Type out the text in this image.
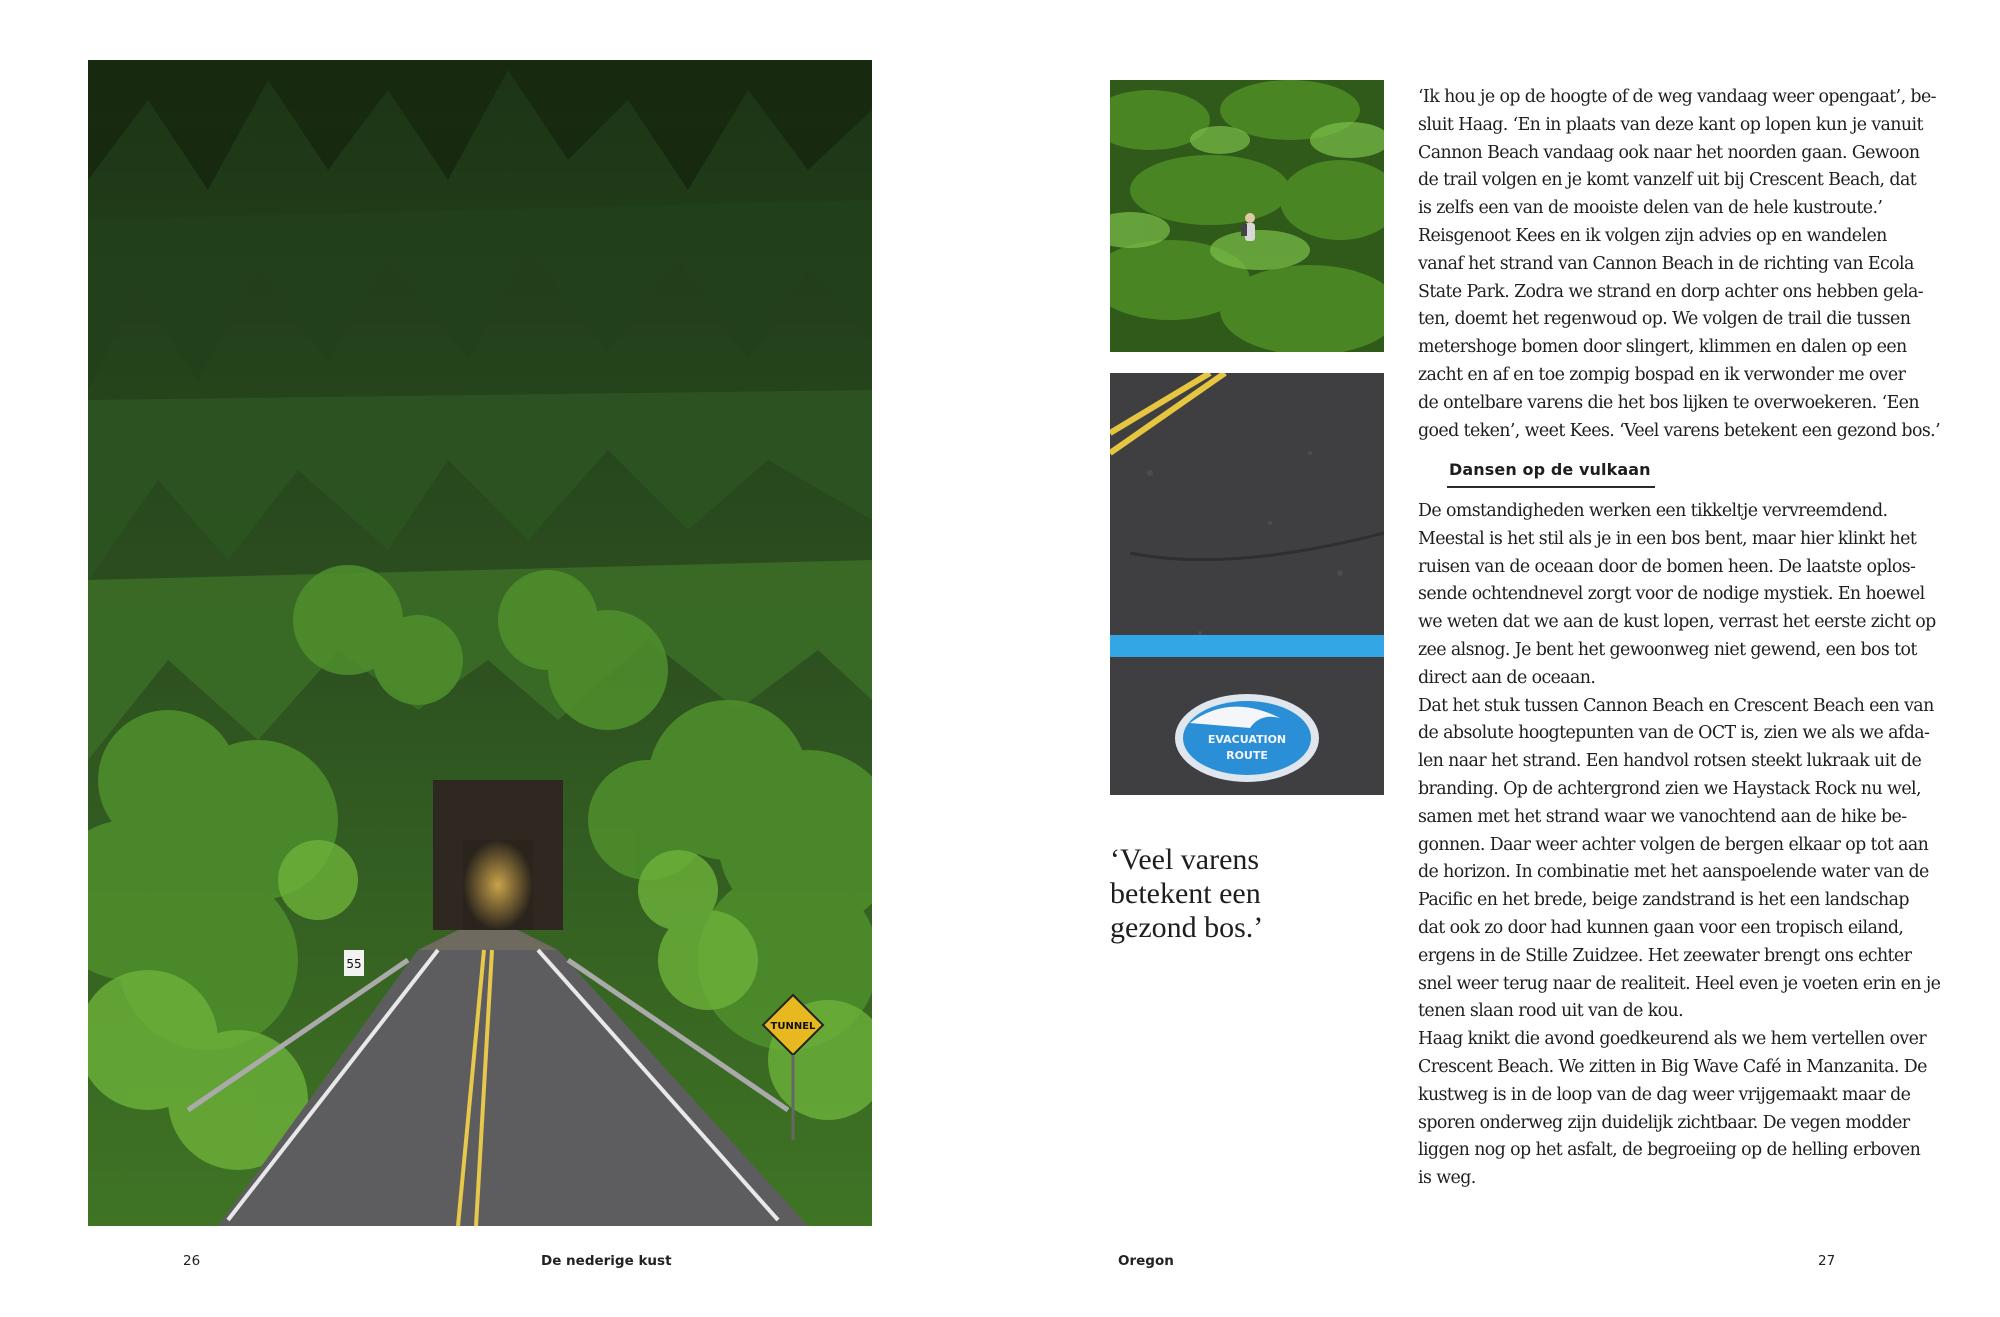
55
TUNNEL
26	De nederige kust
TSUNAMI
EVACUATION
ROUTE

‘Veel varens
betekent een
gezond bos.’

‘Ik hou je op de hoogte of de weg vandaag weer opengaat’, be-
sluit Haag. ‘En in plaats van deze kant op lopen kun je vanuit
Cannon Beach vandaag ook naar het noorden gaan. Gewoon
de trail volgen en je komt vanzelf uit bij Crescent Beach, dat
is zelfs een van de mooiste delen van de hele kustroute.’
Reisgenoot Kees en ik volgen zijn advies op en wandelen
vanaf het strand van Cannon Beach in de richting van Ecola
State Park. Zodra we strand en dorp achter ons hebben gela-
ten, doemt het regenwoud op. We volgen de trail die tussen
metershoge bomen door slingert, klimmen en dalen op een
zacht en af en toe zompig bospad en ik verwonder me over
de ontelbare varens die het bos lijken te overwoekeren. ‘Een
goed teken’, weet Kees. ‘Veel varens betekent een gezond bos.’
Dansen op de vulkaan
De omstandigheden werken een tikkeltje vervreemdend.
Meestal is het stil als je in een bos bent, maar hier klinkt het
ruisen van de oceaan door de bomen heen. De laatste oplos-
sende ochtendnevel zorgt voor de nodige mystiek. En hoewel
we weten dat we aan de kust lopen, verrast het eerste zicht op
zee alsnog. Je bent het gewoonweg niet gewend, een bos tot
direct aan de oceaan.
Dat het stuk tussen Cannon Beach en Crescent Beach een van
de absolute hoogtepunten van de OCT is, zien we als we afda-
len naar het strand. Een handvol rotsen steekt lukraak uit de
branding. Op de achtergrond zien we Haystack Rock nu wel,
samen met het strand waar we vanochtend aan de hike be-
gonnen. Daar weer achter volgen de bergen elkaar op tot aan
de horizon. In combinatie met het aanspoelende water van de
Pacific en het brede, beige zandstrand is het een landschap
dat ook zo door had kunnen gaan voor een tropisch eiland,
ergens in de Stille Zuidzee. Het zeewater brengt ons echter
snel weer terug naar de realiteit. Heel even je voeten erin en je
tenen slaan rood uit van de kou.
Haag knikt die avond goedkeurend als we hem vertellen over
Crescent Beach. We zitten in Big Wave Café in Manzanita. De
kustweg is in de loop van de dag weer vrijgemaakt maar de
sporen onderweg zijn duidelijk zichtbaar. De vegen modder
liggen nog op het asfalt, de begroeiing op de helling erboven
is weg.
Oregon	27
